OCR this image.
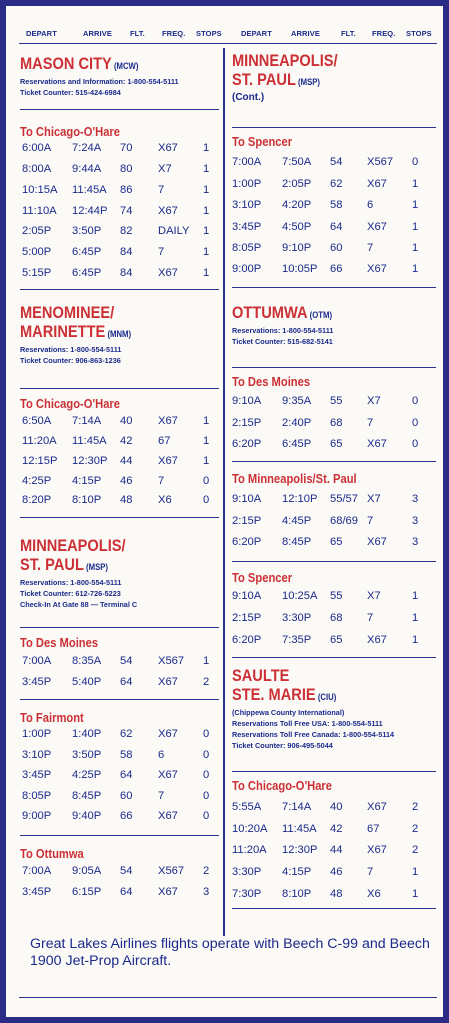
DEPART	ARRIVE FLT. FREQ. STOPS	DEPART	ARRIVE	FLT. FREQ. STOPS
MASON CITY (MCW)
Reservations and Information: 1-800-554-5111
Ticket Counter: 515-424-6984
To Chicago-O'Hare
6:00A 7:24A 70 X67 1
8:00A 9:44A 80 X7	1
10:15A 11:45A 86 7	1
11:10A 12:44P 74 X67 1
2:05P 3:50P 82 DAILY 1
5:00P 6:45P 84 7	1
5:15P 6:45P 84 X67 1
MENOMINEE/
MARINETTE (MNM)
Reservations: 1-800-554-5111
Ticket Counter: 906-863-1236
To Chicago-O'Hare
6:50A 7:14A 40 X67 1
11:20A 11:45A 42 67	1
12:15P 12:30P 44 X67 1
4:25P 4:15P 46 7	0
8:20P 8:10P 48 X6	0
MINNEAPOLIS/
ST. PAUL (MSP)
Reservations: 1-800-554-5111
Ticket Counter: 612-726-5223
Check-In At Gate 88 — Terminal C
To Des Moines
7:00A 8:35A 54 X567 1
3:45P 5:40P 64 X67 2
To Fairmont
1:00P 1:40P 62 X67 0
3:10P 3:50P 58 6	0
3:45P 4:25P 64 X67 0
8:05P 8:45P 60 7	0
9:00P 9:40P 66 X67 0
To Ottumwa
7:00A 9:05A 54 X567 2
3:45P 6:15P 64 X67 3
MINNEAPOLIS/
ST. PAUL (MSP)
(Cont.)
To Spencer
7:00A 7:50A 54 X567 0
1:00P 2:05P 62 X67 1
3:10P 4:20P 58 6	1
3:45P 4:50P 64 X67 1
8:05P 9:10P 60 7	1
9:00P 10:05P 66 X67 1
OTTUMWA (OTM)
Reservations: 1-800-554-5111
Ticket Counter: 515-682-5141
To Des Moines
9:10A 9:35A 55 X7	0
2:15P 2:40P 68 7	0
6:20P 6:45P 65 X67 0
To Minneapolis/St. Paul
9:10A 12:10P 55/57 X7	3
2:15P 4:45P 68/69 7	3
6:20P 8:45P 65 X67 3
To Spencer
9:10A 10:25A 55 X7	1
2:15P 3:30P 68 7	1
6:20P 7:35P 65 X67 1
SAULTE
STE. MARIE (CIU)
(Chippewa County International)
Reservations Toll Free USA: 1-800-554-5111
Reservations Toll Free Canada: 1-800-554-5114
Ticket Counter: 906-495-5044
To Chicago-O'Hare
5:55A 7:14A 40 X67 2
10:20A 11:45A 42 67	2
11:20A 12:30P 44 X67 2
3:30P 4:15P 46 7	1
7:30P 8:10P 48 X6	1
Great Lakes Airlines flights operate with Beech C-99 and Beech 1900 Jet-Prop Aircraft.
